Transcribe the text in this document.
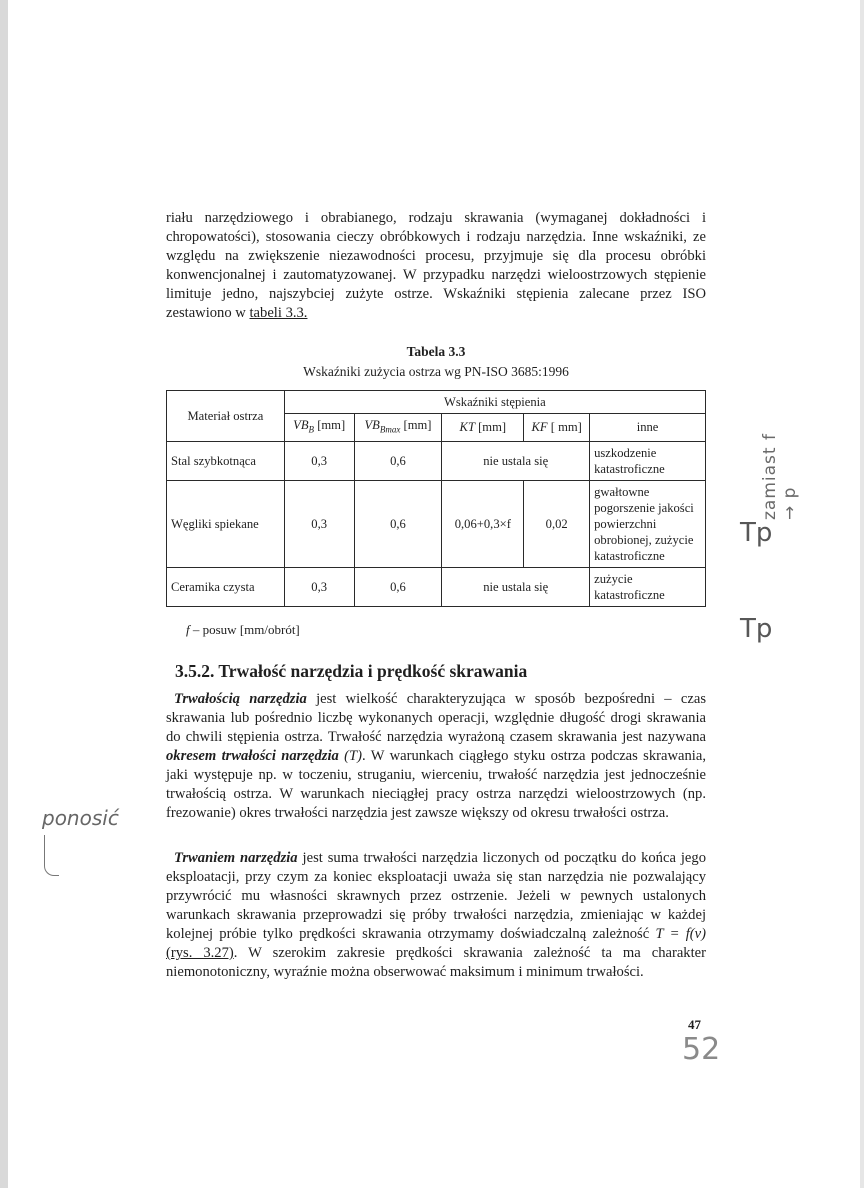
riału narzędziowego i obrabianego, rodzaju skrawania (wymaganej dokładności i chropowatości), stosowania cieczy obróbkowych i rodzaju narzędzia. Inne wskaźniki, ze względu na zwiększenie niezawodności procesu, przyjmuje się dla procesu obróbki konwencjonalnej i zautomatyzowanej. W przypadku narzędzi wieloostrzowych stępienie limituje jedno, najszybciej zużyte ostrze. Wskaźniki stępienia zalecane przez ISO zestawiono w tabeli 3.3.

Tabela 3.3
Wskaźniki zużycia ostrza wg PN-ISO 3685:1996
Materiał ostrza	Wskaźniki stępienia				
	$VB_B$ [mm]	$VB_{Bmax}$ [mm]	KT [mm]	KF [ mm]	inne
Stal szybkotnąca	0,3	0,6	nie ustala się		uszkodzenie katastroficzne
Węgliki spiekane	0,3	0,6	0,06+0,3×f	0,02	gwałtowne pogorszenie jakości powierzchni obrobionej, zużycie katastroficzne
Ceramika czysta	0,3	0,6	nie ustala się		zużycie katastroficzne
f – posuw [mm/obrót]
3.5.2. Trwałość narzędzia i prędkość skrawania

Trwałością narzędzia jest wielkość charakteryzująca w sposób bezpośredni – czas skrawania lub pośrednio liczbę wykonanych operacji, względnie długość drogi skrawania do chwili stępienia ostrza. Trwałość narzędzia wyrażoną czasem skrawania jest nazywana okresem trwałości narzędzia (T). W warunkach ciągłego styku ostrza podczas skrawania, jaki występuje np. w toczeniu, struganiu, wierceniu, trwałość narzędzia jest jednocześnie trwałością ostrza. W warunkach nieciągłej pracy ostrza narzędzi wieloostrzowych (np. frezowanie) okres trwałości narzędzia jest zawsze większy od okresu trwałości ostrza.

Trwaniem narzędzia jest suma trwałości narzędzia liczonych od początku do końca jego eksploatacji, przy czym za koniec eksploatacji uważa się stan narzędzia nie pozwalający przywrócić mu własności skrawnych przez ostrzenie. Jeżeli w pewnych ustalonych warunkach skrawania przeprowadzi się próby trwałości narzędzia, zmieniając w każdej kolejnej próbie tylko prędkości skrawania otrzymamy doświadczalną zależność T = f(v) (rys. 3.27). W szerokim zakresie prędkości skrawania zależność ta ma charakter niemonotoniczny, wyraźnie można obserwować maksimum i minimum trwałości.

47
zamiast f → p
Tp
Tp
ponosić
52
